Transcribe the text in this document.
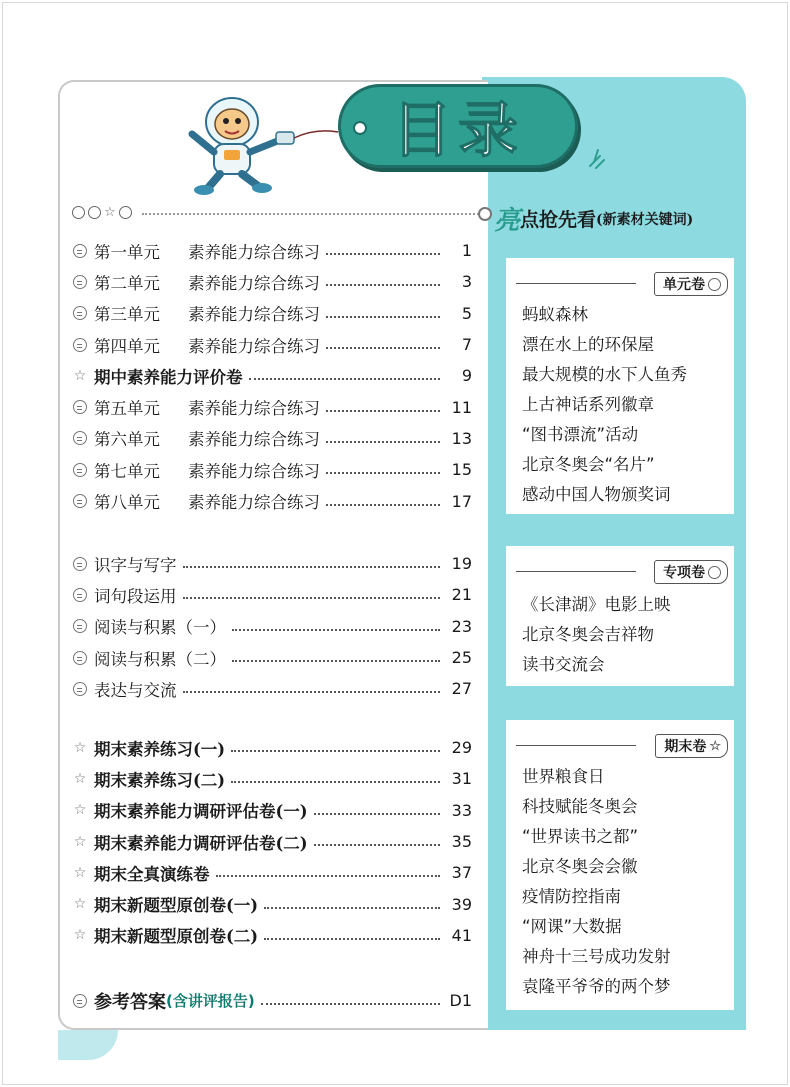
目录
☆
第一单元	素养能力综合练习	1
第二单元	素养能力综合练习	3
第三单元	素养能力综合练习	5
第四单元	素养能力综合练习	7
☆ 期中素养能力评价卷	9
第五单元	素养能力综合练习	11
第六单元	素养能力综合练习	13
第七单元	素养能力综合练习	15
第八单元	素养能力综合练习	17
识字与写字	19
词句段运用	21
阅读与积累（一）	23
阅读与积累（二）	25
表达与交流	27
☆ 期末素养练习(一)	29
☆ 期末素养练习(二)	31
☆ 期末素养能力调研评估卷(一)	33
☆ 期末素养能力调研评估卷(二)	35
☆ 期末全真演练卷	37
☆ 期末新题型原创卷(一)	39
☆ 期末新题型原创卷(二)	41
参考答案 (含讲评报告)	D1
亮 点抢先看 (新素材关键词)
单元卷
蚂蚁森林
漂在水上的环保屋
最大规模的水下人鱼秀
上古神话系列徽章
“图书漂流”活动
北京冬奥会“名片”
感动中国人物颁奖词
专项卷
《长津湖》电影上映
北京冬奥会吉祥物
读书交流会
期末卷 ☆
世界粮食日
科技赋能冬奥会
“世界读书之都”
北京冬奥会会徽
疫情防控指南
“网课”大数据
神舟十三号成功发射
袁隆平爷爷的两个梦
